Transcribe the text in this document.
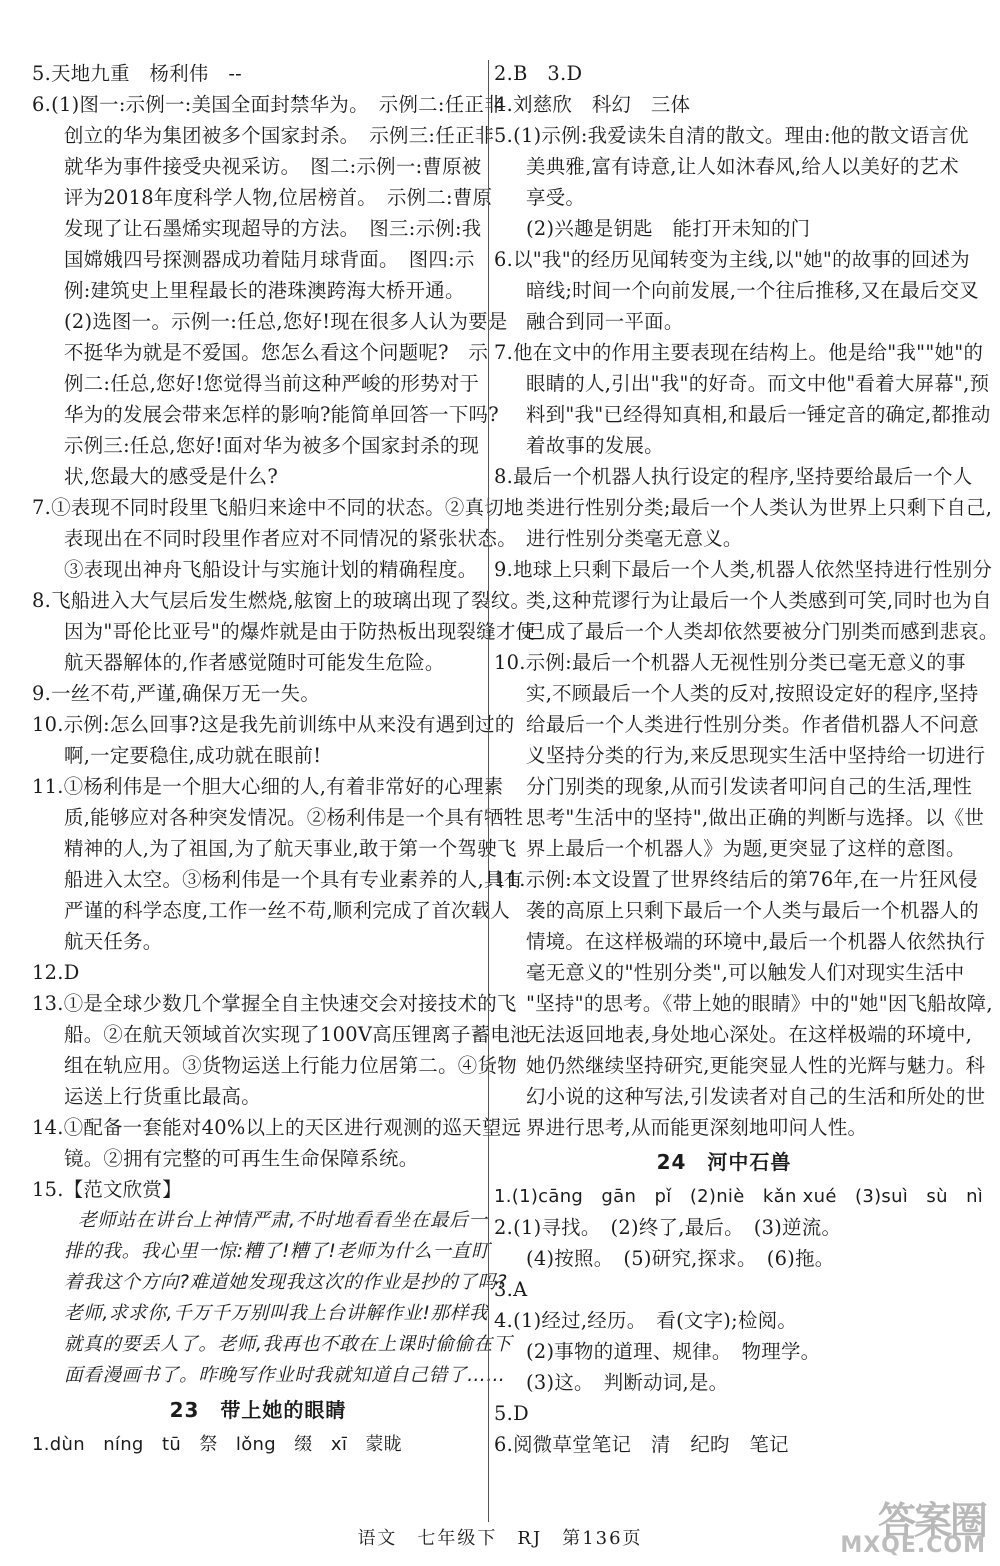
5.天地九重　杨利伟　--
6.(1)图一:示例一:美国全面封禁华为。　示例二:任正非
创立的华为集团被多个国家封杀。　示例三:任正非
就华为事件接受央视采访。　图二:示例一:曹原被
评为2018年度科学人物,位居榜首。　示例二:曹原
发现了让石墨烯实现超导的方法。　图三:示例:我
国嫦娥四号探测器成功着陆月球背面。　图四:示
例:建筑史上里程最长的港珠澳跨海大桥开通。
(2)选图一。示例一:任总,您好!现在很多人认为要是
不挺华为就是不爱国。您怎么看这个问题呢?　示
例二:任总,您好!您觉得当前这种严峻的形势对于
华为的发展会带来怎样的影响?能简单回答一下吗?
示例三:任总,您好!面对华为被多个国家封杀的现
状,您最大的感受是什么?
7.①表现不同时段里飞船归来途中不同的状态。②真切地
表现出在不同时段里作者应对不同情况的紧张状态。
③表现出神舟飞船设计与实施计划的精确程度。
8.飞船进入大气层后发生燃烧,舷窗上的玻璃出现了裂纹。
因为"哥伦比亚号"的爆炸就是由于防热板出现裂缝才使
航天器解体的,作者感觉随时可能发生危险。
9.一丝不苟,严谨,确保万无一失。
10.示例:怎么回事?这是我先前训练中从来没有遇到过的
啊,一定要稳住,成功就在眼前!
11.①杨利伟是一个胆大心细的人,有着非常好的心理素
质,能够应对各种突发情况。②杨利伟是一个具有牺牲
精神的人,为了祖国,为了航天事业,敢于第一个驾驶飞
船进入太空。③杨利伟是一个具有专业素养的人,具有
严谨的科学态度,工作一丝不苟,顺利完成了首次载人
航天任务。
12.D
13.①是全球少数几个掌握全自主快速交会对接技术的飞
船。②在航天领域首次实现了100V高压锂离子蓄电池
组在轨应用。③货物运送上行能力位居第二。④货物
运送上行货重比最高。
14.①配备一套能对40%以上的天区进行观测的巡天望远
镜。②拥有完整的可再生生命保障系统。
15.【范文欣赏】
老师站在讲台上神情严肃,不时地看看坐在最后一
排的我。我心里一惊:糟了!糟了!老师为什么一直盯
着我这个方向?难道她发现我这次的作业是抄的了吗?
老师,求求你,千万千万别叫我上台讲解作业!那样我
就真的要丢人了。老师,我再也不敢在上课时偷偷在下
面看漫画书了。昨晚写作业时我就知道自己错了……
23　带上她的眼睛
1.dùn　níng　tū　祭　lǒng　缀　xī　蒙眬
2.B　3.D
4.刘慈欣　科幻　三体
5.(1)示例:我爱读朱自清的散文。理由:他的散文语言优
美典雅,富有诗意,让人如沐春风,给人以美好的艺术
享受。
(2)兴趣是钥匙　能打开未知的门
6.以"我"的经历见闻转变为主线,以"她"的故事的回述为
暗线;时间一个向前发展,一个往后推移,又在最后交叉
融合到同一平面。
7.他在文中的作用主要表现在结构上。他是给"我""她"的
眼睛的人,引出"我"的好奇。而文中他"看着大屏幕",预
料到"我"已经得知真相,和最后一锤定音的确定,都推动
着故事的发展。
8.最后一个机器人执行设定的程序,坚持要给最后一个人
类进行性别分类;最后一个人类认为世界上只剩下自己,
进行性别分类毫无意义。
9.地球上只剩下最后一个人类,机器人依然坚持进行性别分
类,这种荒谬行为让最后一个人类感到可笑,同时也为自
己成了最后一个人类却依然要被分门别类而感到悲哀。
10.示例:最后一个机器人无视性别分类已毫无意义的事
实,不顾最后一个人类的反对,按照设定好的程序,坚持
给最后一个人类进行性别分类。作者借机器人不问意
义坚持分类的行为,来反思现实生活中坚持给一切进行
分门别类的现象,从而引发读者叩问自己的生活,理性
思考"生活中的坚持",做出正确的判断与选择。以《世
界上最后一个机器人》为题,更突显了这样的意图。
11.示例:本文设置了世界终结后的第76年,在一片狂风侵
袭的高原上只剩下最后一个人类与最后一个机器人的
情境。在这样极端的环境中,最后一个机器人依然执行
毫无意义的"性别分类",可以触发人们对现实生活中
"坚持"的思考。《带上她的眼睛》中的"她"因飞船故障,
无法返回地表,身处地心深处。在这样极端的环境中,
她仍然继续坚持研究,更能突显人性的光辉与魅力。科
幻小说的这种写法,引发读者对自己的生活和所处的世
界进行思考,从而能更深刻地叩问人性。
24　河中石兽
1.(1)cāng　gān　pǐ　(2)niè　kǎn xué　(3)suì　sù　nì
2.(1)寻找。　(2)终了,最后。　(3)逆流。
(4)按照。　(5)研究,探求。　(6)拖。
3.A
4.(1)经过,经历。　看(文字);检阅。
(2)事物的道理、规律。　物理学。
(3)这。　判断动词,是。
5.D
6.阅微草堂笔记　清　纪昀　笔记
语文　七年级下　RJ　第136页	答案圈
MXQE.COM
